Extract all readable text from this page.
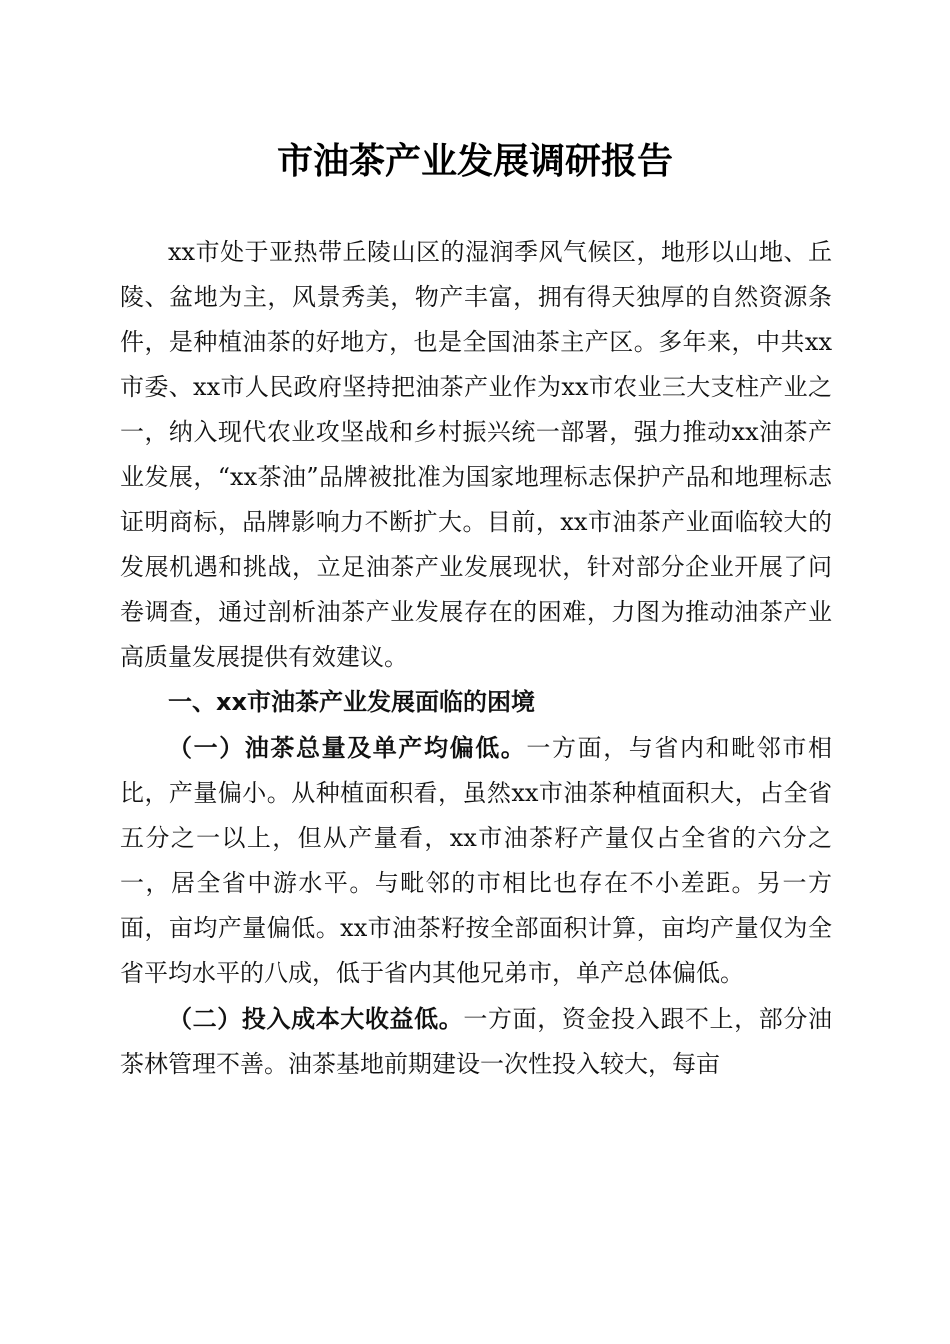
市油茶产业发展调研报告

xx市处于亚热带丘陵山区的湿润季风气候区，地形以山地、丘陵、盆地为主，风景秀美，物产丰富，拥有得天独厚的自然资源条件，是种植油茶的好地方，也是全国油茶主产区。多年来，中共xx市委、xx市人民政府坚持把油茶产业作为xx市农业三大支柱产业之一，纳入现代农业攻坚战和乡村振兴统一部署，强力推动xx油茶产业发展，“xx茶油”品牌被批准为国家地理标志保护产品和地理标志证明商标，品牌影响力不断扩大。目前，xx市油茶产业面临较大的发展机遇和挑战，立足油茶产业发展现状，针对部分企业开展了问卷调查，通过剖析油茶产业发展存在的困难，力图为推动油茶产业高质量发展提供有效建议。

一、xx市油茶产业发展面临的困境

（一）油茶总量及单产均偏低。一方面，与省内和毗邻市相比，产量偏小。从种植面积看，虽然xx市油茶种植面积大，占全省五分之一以上，但从产量看，xx市油茶籽产量仅占全省的六分之一，居全省中游水平。与毗邻的市相比也存在不小差距。另一方面，亩均产量偏低。xx市油茶籽按全部面积计算，亩均产量仅为全省平均水平的八成，低于省内其他兄弟市，单产总体偏低。

（二）投入成本大收益低。一方面，资金投入跟不上，部分油茶林管理不善。油茶基地前期建设一次性投入较大，每亩
